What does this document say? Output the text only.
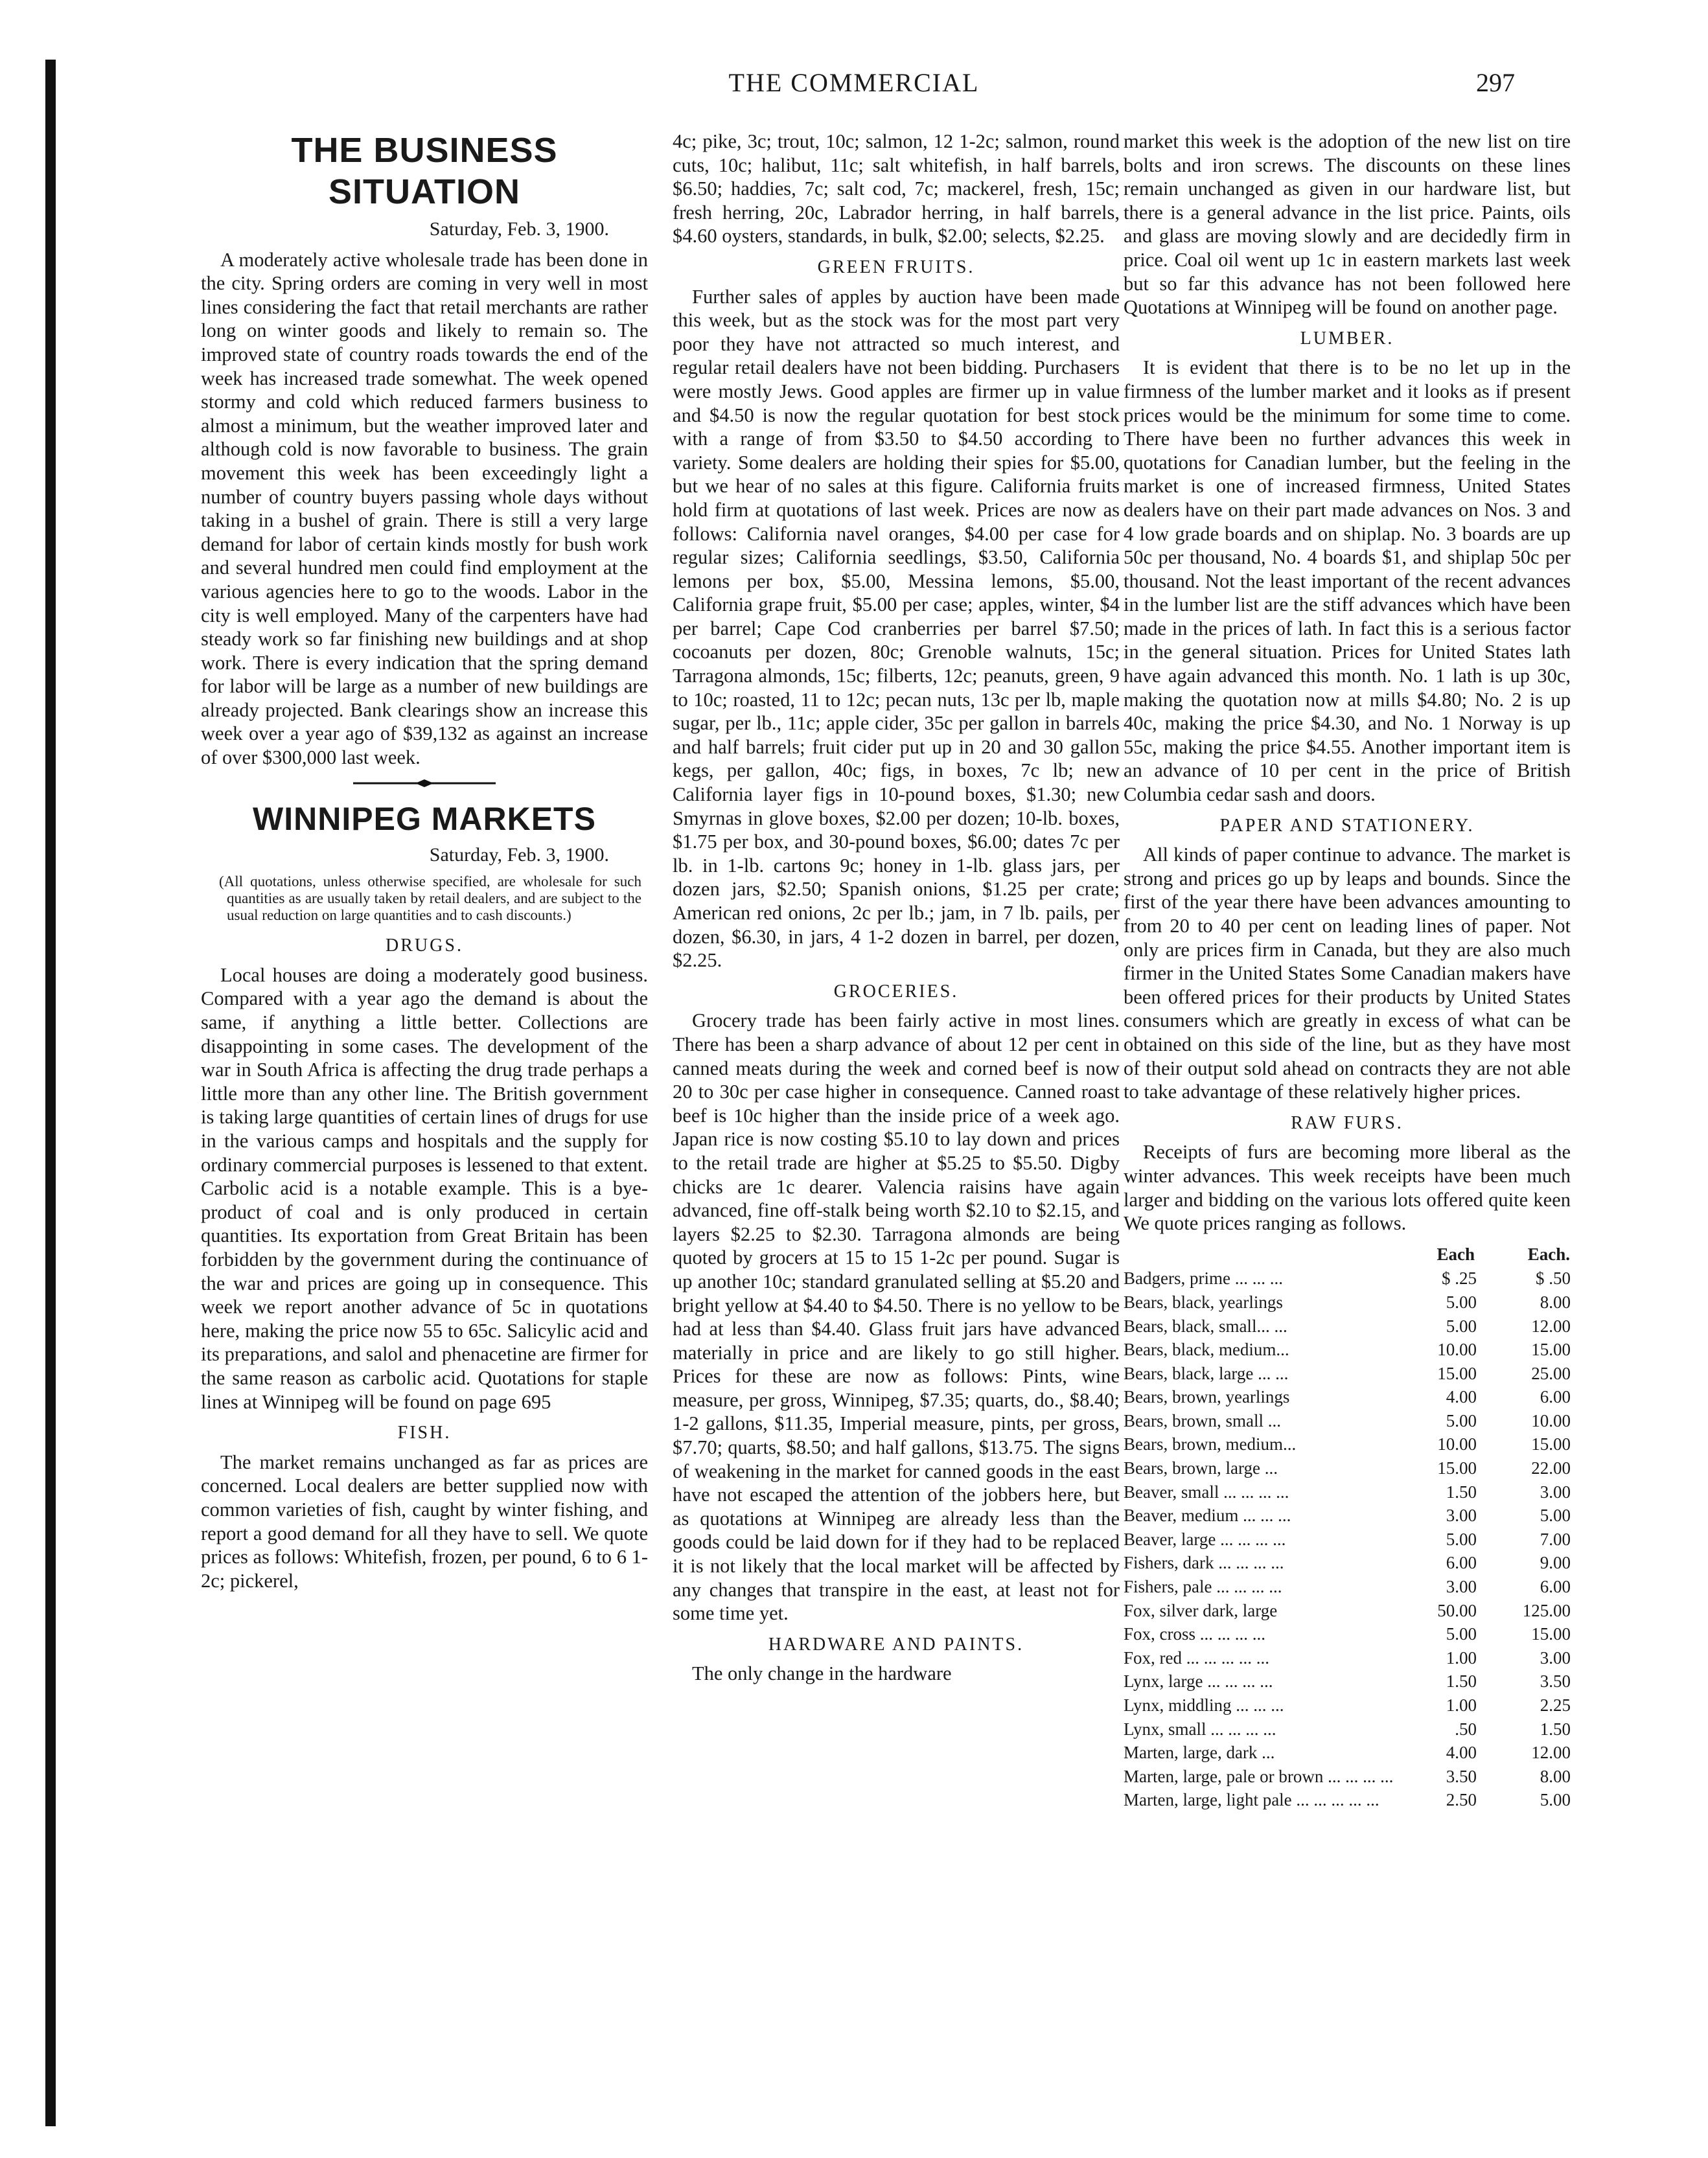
THE COMMERCIAL	297
THE BUSINESS SITUATION
Saturday, Feb. 3, 1900.

A moderately active wholesale trade has been done in the city. Spring orders are coming in very well in most lines considering the fact that retail merchants are rather long on winter goods and likely to remain so. The improved state of country roads towards the end of the week has increased trade somewhat. The week opened stormy and cold which reduced farmers business to almost a minimum, but the weather improved later and although cold is now favorable to business. The grain movement this week has been exceedingly light a number of country buyers passing whole days without taking in a bushel of grain. There is still a very large demand for labor of certain kinds mostly for bush work and several hundred men could find employment at the various agencies here to go to the woods. Labor in the city is well employed. Many of the carpenters have had steady work so far finishing new buildings and at shop work. There is every indication that the spring demand for labor will be large as a number of new buildings are already projected. Bank clearings show an increase this week over a year ago of $39,132 as against an increase of over $300,000 last week.

WINNIPEG MARKETS
Saturday, Feb. 3, 1900.
(All quotations, unless otherwise specified, are wholesale for such quantities as are usually taken by retail dealers, and are subject to the usual reduction on large quantities and to cash discounts.)
DRUGS.

Local houses are doing a moderately good business. Compared with a year ago the demand is about the same, if anything a little better. Collections are disappointing in some cases. The development of the war in South Africa is affecting the drug trade perhaps a little more than any other line. The British government is taking large quantities of certain lines of drugs for use in the various camps and hospitals and the supply for ordinary commercial purposes is lessened to that extent. Carbolic acid is a notable example. This is a bye-product of coal and is only produced in certain quantities. Its exportation from Great Britain has been forbidden by the government during the continuance of the war and prices are going up in consequence. This week we report another advance of 5c in quotations here, making the price now 55 to 65c. Salicylic acid and its preparations, and salol and phenacetine are firmer for the same reason as carbolic acid. Quotations for staple lines at Winnipeg will be found on page 695

FISH.

The market remains unchanged as far as prices are concerned. Local dealers are better supplied now with common varieties of fish, caught by winter fishing, and report a good demand for all they have to sell. We quote prices as follows: Whitefish, frozen, per pound, 6 to 6 1-2c; pickerel,

4c; pike, 3c; trout, 10c; salmon, 12 1-2c; salmon, round cuts, 10c; halibut, 11c; salt whitefish, in half barrels, $6.50; haddies, 7c; salt cod, 7c; mackerel, fresh, 15c; fresh herring, 20c, Labrador herring, in half barrels, $4.60 oysters, standards, in bulk, $2.00; selects, $2.25.

GREEN FRUITS.

Further sales of apples by auction have been made this week, but as the stock was for the most part very poor they have not attracted so much interest, and regular retail dealers have not been bidding. Purchasers were mostly Jews. Good apples are firmer up in value and $4.50 is now the regular quotation for best stock with a range of from $3.50 to $4.50 according to variety. Some dealers are holding their spies for $5.00, but we hear of no sales at this figure. California fruits hold firm at quotations of last week. Prices are now as follows: California navel oranges, $4.00 per case for regular sizes; California seedlings, $3.50, California lemons per box, $5.00, Messina lemons, $5.00, California grape fruit, $5.00 per case; apples, winter, $4 per barrel; Cape Cod cranberries per barrel $7.50; cocoanuts per dozen, 80c; Grenoble walnuts, 15c; Tarragona almonds, 15c; filberts, 12c; peanuts, green, 9 to 10c; roasted, 11 to 12c; pecan nuts, 13c per lb, maple sugar, per lb., 11c; apple cider, 35c per gallon in barrels and half barrels; fruit cider put up in 20 and 30 gallon kegs, per gallon, 40c; figs, in boxes, 7c lb; new California layer figs in 10-pound boxes, $1.30; new Smyrnas in glove boxes, $2.00 per dozen; 10-lb. boxes, $1.75 per box, and 30-pound boxes, $6.00; dates 7c per lb. in 1-lb. cartons 9c; honey in 1-lb. glass jars, per dozen jars, $2.50; Spanish onions, $1.25 per crate; American red onions, 2c per lb.; jam, in 7 lb. pails, per dozen, $6.30, in jars, 4 1-2 dozen in barrel, per dozen, $2.25.

GROCERIES.

Grocery trade has been fairly active in most lines. There has been a sharp advance of about 12 per cent in canned meats during the week and corned beef is now 20 to 30c per case higher in consequence. Canned roast beef is 10c higher than the inside price of a week ago. Japan rice is now costing $5.10 to lay down and prices to the retail trade are higher at $5.25 to $5.50. Digby chicks are 1c dearer. Valencia raisins have again advanced, fine off-stalk being worth $2.10 to $2.15, and layers $2.25 to $2.30. Tarragona almonds are being quoted by grocers at 15 to 15 1-2c per pound. Sugar is up another 10c; standard granulated selling at $5.20 and bright yellow at $4.40 to $4.50. There is no yellow to be had at less than $4.40. Glass fruit jars have advanced materially in price and are likely to go still higher. Prices for these are now as follows: Pints, wine measure, per gross, Winnipeg, $7.35; quarts, do., $8.40; 1-2 gallons, $11.35, Imperial measure, pints, per gross, $7.70; quarts, $8.50; and half gallons, $13.75. The signs of weakening in the market for canned goods in the east have not escaped the attention of the jobbers here, but as quotations at Winnipeg are already less than the goods could be laid down for if they had to be replaced it is not likely that the local market will be affected by any changes that transpire in the east, at least not for some time yet.

HARDWARE AND PAINTS.

The only change in the hardware

market this week is the adoption of the new list on tire bolts and iron screws. The discounts on these lines remain unchanged as given in our hardware list, but there is a general advance in the list price. Paints, oils and glass are moving slowly and are decidedly firm in price. Coal oil went up 1c in eastern markets last week but so far this advance has not been followed here Quotations at Winnipeg will be found on another page.

LUMBER.

It is evident that there is to be no let up in the firmness of the lumber market and it looks as if present prices would be the minimum for some time to come. There have been no further advances this week in quotations for Canadian lumber, but the feeling in the market is one of increased firmness, United States dealers have on their part made advances on Nos. 3 and 4 low grade boards and on shiplap. No. 3 boards are up 50c per thousand, No. 4 boards $1, and shiplap 50c per thousand. Not the least important of the recent advances in the lumber list are the stiff advances which have been made in the prices of lath. In fact this is a serious factor in the general situation. Prices for United States lath have again advanced this month. No. 1 lath is up 30c, making the quotation now at mills $4.80; No. 2 is up 40c, making the price $4.30, and No. 1 Norway is up 55c, making the price $4.55. Another important item is an advance of 10 per cent in the price of British Columbia cedar sash and doors.

PAPER AND STATIONERY.

All kinds of paper continue to advance. The market is strong and prices go up by leaps and bounds. Since the first of the year there have been advances amounting to from 20 to 40 per cent on leading lines of paper. Not only are prices firm in Canada, but they are also much firmer in the United States Some Canadian makers have been offered prices for their products by United States consumers which are greatly in excess of what can be obtained on this side of the line, but as they have most of their output sold ahead on contracts they are not able to take advantage of these relatively higher prices.

RAW FURS.

Receipts of furs are becoming more liberal as the winter advances. This week receipts have been much larger and bidding on the various lots offered quite keen We quote prices ranging as follows.

	Each	Each.
Badgers, prime ... ... ...	$ .25	$ .50
Bears, black, yearlings	5.00	8.00
Bears, black, small... ...	5.00	12.00
Bears, black, medium...	10.00	15.00
Bears, black, large ... ...	15.00	25.00
Bears, brown, yearlings	4.00	6.00
Bears, brown, small ...	5.00	10.00
Bears, brown, medium...	10.00	15.00
Bears, brown, large ...	15.00	22.00
Beaver, small ... ... ... ...	1.50	3.00
Beaver, medium ... ... ...	3.00	5.00
Beaver, large ... ... ... ...	5.00	7.00
Fishers, dark ... ... ... ...	6.00	9.00
Fishers, pale ... ... ... ...	3.00	6.00
Fox, silver dark, large	50.00	125.00
Fox, cross ... ... ... ...	5.00	15.00
Fox, red ... ... ... ... ...	1.00	3.00
Lynx, large ... ... ... ...	1.50	3.50
Lynx, middling ... ... ...	1.00	2.25
Lynx, small ... ... ... ...	.50	1.50
Marten, large, dark ...	4.00	12.00
Marten, large, pale or brown ... ... ... ...	3.50	8.00
Marten, large, light pale ... ... ... ... ...	2.50	5.00
